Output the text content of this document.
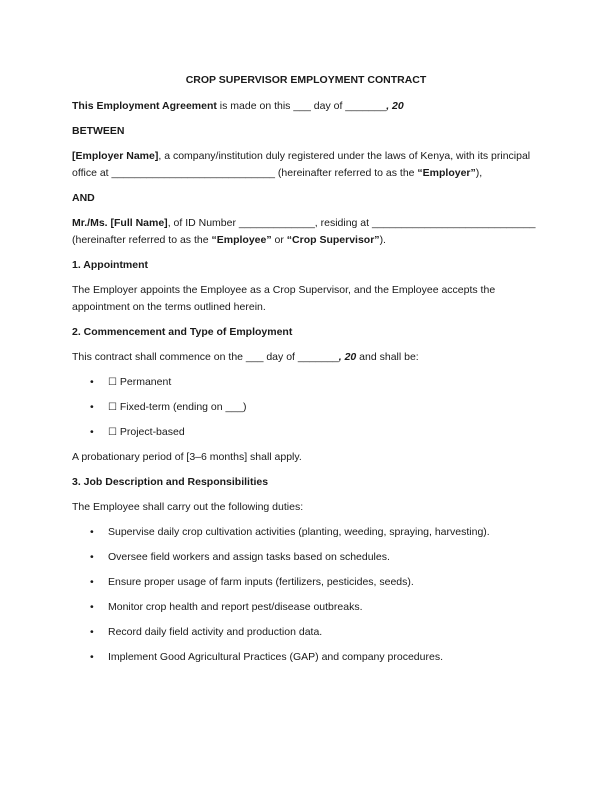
CROP SUPERVISOR EMPLOYMENT CONTRACT

This Employment Agreement is made on this ___ day of _______, 20

BETWEEN

[Employer Name], a company/institution duly registered under the laws of Kenya, with its principal office at ____________________________ (hereinafter referred to as the “Employer”),

AND

Mr./Ms. [Full Name], of ID Number _____________, residing at ____________________________ (hereinafter referred to as the “Employee” or “Crop Supervisor”).

1. Appointment

The Employer appoints the Employee as a Crop Supervisor, and the Employee accepts the appointment on the terms outlined herein.

2. Commencement and Type of Employment

This contract shall commence on the ___ day of _______, 20 and shall be:

• ☐ Permanent
• ☐ Fixed-term (ending on ___)
• ☐ Project-based

A probationary period of [3–6 months] shall apply.

3. Job Description and Responsibilities

The Employee shall carry out the following duties:

• Supervise daily crop cultivation activities (planting, weeding, spraying, harvesting).
• Oversee field workers and assign tasks based on schedules.
• Ensure proper usage of farm inputs (fertilizers, pesticides, seeds).
• Monitor crop health and report pest/disease outbreaks.
• Record daily field activity and production data.
• Implement Good Agricultural Practices (GAP) and company procedures.
